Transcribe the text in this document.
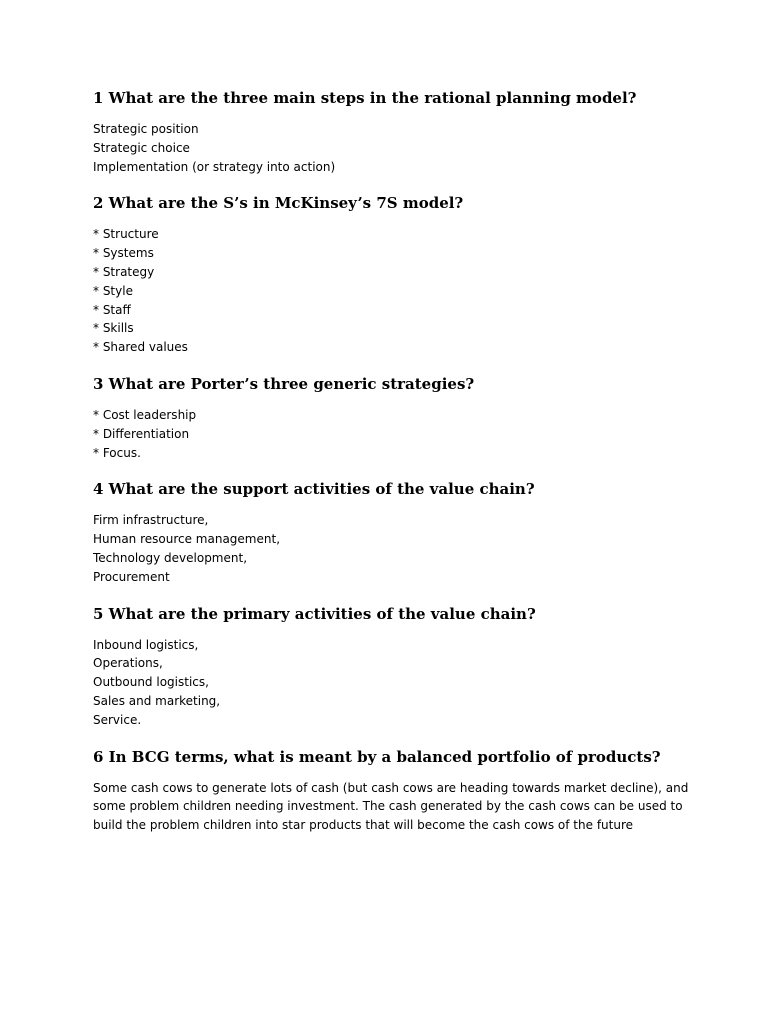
1 What are the three main steps in the rational planning model?
Strategic position
Strategic choice
Implementation (or strategy into action)
2 What are the S’s in McKinsey’s 7S model?
* Structure
* Systems
* Strategy
* Style
* Staff
* Skills
* Shared values
3 What are Porter’s three generic strategies?
* Cost leadership
* Differentiation
* Focus.
4 What are the support activities of the value chain?
Firm infrastructure,
Human resource management,
Technology development,
Procurement
5 What are the primary activities of the value chain?
Inbound logistics,
Operations,
Outbound logistics,
Sales and marketing,
Service.
6 In BCG terms, what is meant by a balanced portfolio of products?
Some cash cows to generate lots of cash (but cash cows are heading towards market decline), and
some problem children needing investment. The cash generated by the cash cows can be used to
build the problem children into star products that will become the cash cows of the future
